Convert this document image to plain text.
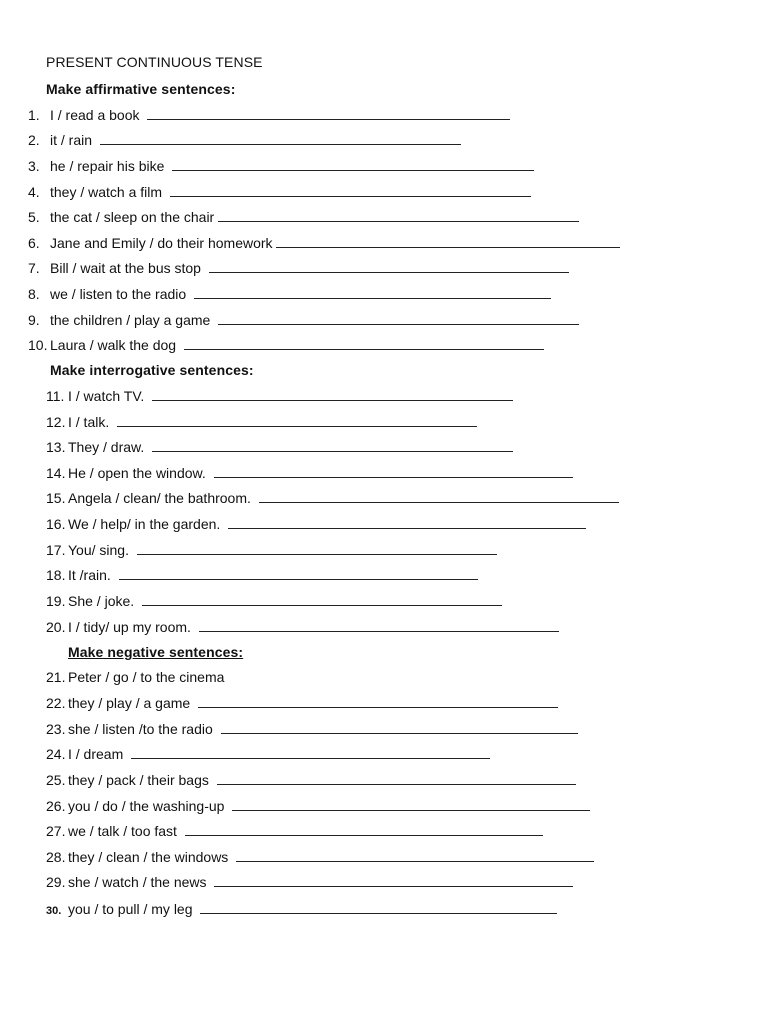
PRESENT CONTINUOUS TENSE
Make affirmative sentences:
Make interrogative sentences:
Make negative sentences:
1. I / read a book
2. it / rain
3. he / repair his bike
4. they / watch a film
5. the cat / sleep on the chair
6. Jane and Emily / do their homework
7. Bill / wait at the bus stop
8. we / listen to the radio
9. the children / play a game
10. Laura / walk the dog
11. I / watch TV.
12. I / talk.
13. They / draw.
14. He / open the window.
15. Angela / clean/ the bathroom.
16. We / help/ in the garden.
17. You/ sing.
18. It /rain.
19. She / joke.
20. I / tidy/ up my room.
21. Peter / go / to the cinema
22. they / play / a game
23. she / listen /to the radio
24. I / dream
25. they / pack / their bags
26. you / do / the washing-up
27. we / talk / too fast
28. they / clean / the windows
29. she / watch / the news
30. you / to pull / my leg
